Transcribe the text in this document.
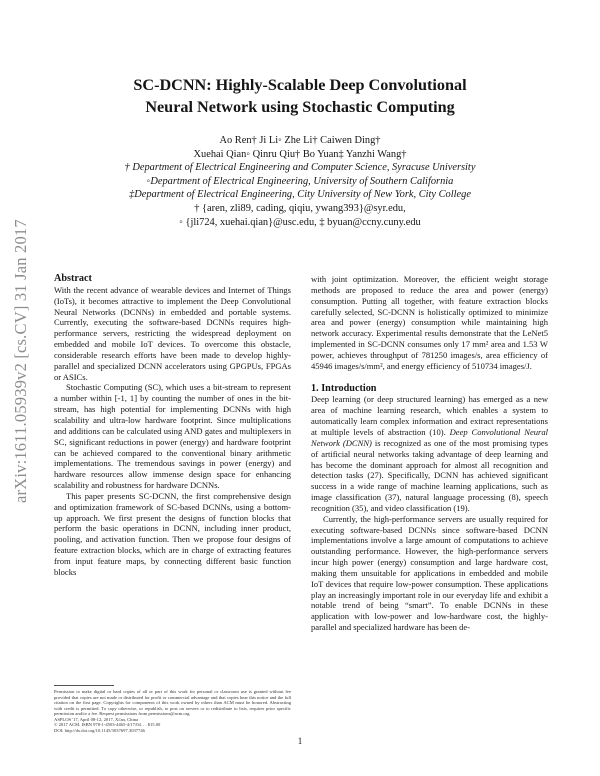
arXiv:1611.05939v2 [cs.CV] 31 Jan 2017
SC-DCNN: Highly-Scalable Deep Convolutional
Neural Network using Stochastic Computing
Ao Ren† Ji Li◦ Zhe Li† Caiwen Ding†
Xuehai Qian◦ Qinru Qiu† Bo Yuan‡ Yanzhi Wang†
† Department of Electrical Engineering and Computer Science, Syracuse University
◦Department of Electrical Engineering, University of Southern California
‡Department of Electrical Engineering, City University of New York, City College
† {aren, zli89, cading, qiqiu, ywang393}@syr.edu,
◦ {jli724, xuehai.qian}@usc.edu, ‡ byuan@ccny.cuny.edu

Abstract

With the recent advance of wearable devices and Internet of Things (IoTs), it becomes attractive to implement the Deep Convolutional Neural Networks (DCNNs) in embedded and portable systems. Currently, executing the software-based DCNNs requires high-performance servers, restricting the widespread deployment on embedded and mobile IoT devices. To overcome this obstacle, considerable research efforts have been made to develop highly-parallel and specialized DCNN accelerators using GPGPUs, FPGAs or ASICs.

Stochastic Computing (SC), which uses a bit-stream to represent a number within [-1, 1] by counting the number of ones in the bit-stream, has high potential for implementing DCNNs with high scalability and ultra-low hardware footprint. Since multiplications and additions can be calculated using AND gates and multiplexers in SC, significant reductions in power (energy) and hardware footprint can be achieved compared to the conventional binary arithmetic implementations. The tremendous savings in power (energy) and hardware resources allow immense design space for enhancing scalability and robustness for hardware DCNNs.

This paper presents SC-DCNN, the first comprehensive design and optimization framework of SC-based DCNNs, using a bottom-up approach. We first present the designs of function blocks that perform the basic operations in DCNN, including inner product, pooling, and activation function. Then we propose four designs of feature extraction blocks, which are in charge of extracting features from input feature maps, by connecting different basic function blocks

Permission to make digital or hard copies of all or part of this work for personal or classroom use is granted without fee provided that copies are not made or distributed for profit or commercial advantage and that copies bear this notice and the full citation on the first page. Copyrights for components of this work owned by others than ACM must be honored. Abstracting with credit is permitted. To copy otherwise, or republish, to post on servers or to redistribute to lists, requires prior specific permission and/or a fee. Request permissions from permissions@acm.org.
ASPLOS '17, April 08-12, 2017, Xi'an, China
© 2017 ACM. ISBN 978-1-4503-4465-4/17/04. . . $15.00
DOI: http://dx.doi.org/10.1145/3037697.3037746

with joint optimization. Moreover, the efficient weight storage methods are proposed to reduce the area and power (energy) consumption. Putting all together, with feature extraction blocks carefully selected, SC-DCNN is holistically optimized to minimize area and power (energy) consumption while maintaining high network accuracy. Experimental results demonstrate that the LeNet5 implemented in SC-DCNN consumes only 17 mm² area and 1.53 W power, achieves throughput of 781250 images/s, area efficiency of 45946 images/s/mm², and energy efficiency of 510734 images/J.

1. Introduction

Deep learning (or deep structured learning) has emerged as a new area of machine learning research, which enables a system to automatically learn complex information and extract representations at multiple levels of abstraction (10). Deep Convolutional Neural Network (DCNN) is recognized as one of the most promising types of artificial neural networks taking advantage of deep learning and has become the dominant approach for almost all recognition and detection tasks (27). Specifically, DCNN has achieved significant success in a wide range of machine learning applications, such as image classification (37), natural language processing (8), speech recognition (35), and video classification (19).

Currently, the high-performance servers are usually required for executing software-based DCNNs since software-based DCNN implementations involve a large amount of computations to achieve outstanding performance. However, the high-performance servers incur high power (energy) consumption and large hardware cost, making them unsuitable for applications in embedded and mobile IoT devices that require low-power consumption. These applications play an increasingly important role in our everyday life and exhibit a notable trend of being “smart”. To enable DCNNs in these application with low-power and low-hardware cost, the highly-parallel and specialized hardware has been de-

1
